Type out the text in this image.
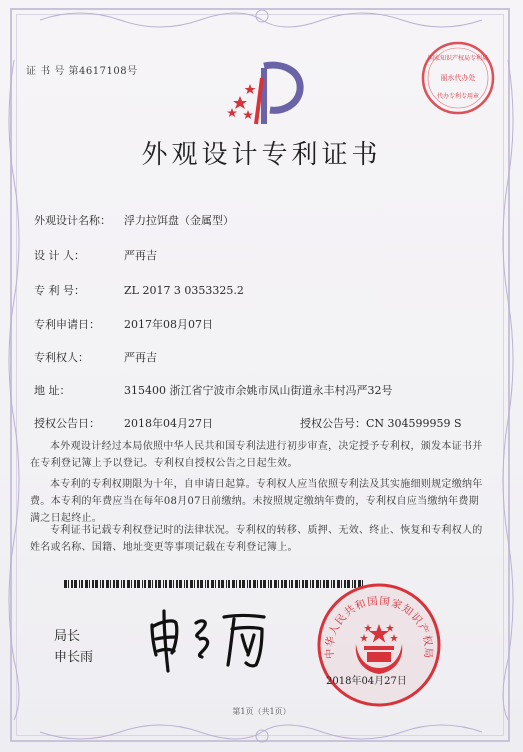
证 书 号 第4617108号
国家知识产权局专利局
丽水代办处
代办专利专用章
外观设计专利证书
外观设计名称： 浮力拉饵盘（金属型）
设 计 人：	严再吉
专 利 号：	ZL 2017 3 0353325.2
专利申请日： 2017年08月07日
专利权人：	严再吉
地 址：	315400 浙江省宁波市余姚市凤山街道永丰村冯严32号
授权公告日： 2018年04月27日	授权公告号：CN 304599959 S
本外观设计经过本局依照中华人民共和国专利法进行初步审查，决定授予专利权，颁发本证书并在专利登记簿上予以登记。专利权自授权公告之日起生效。
本专利的专利权期限为十年，自申请日起算。专利权人应当依照专利法及其实施细则规定缴纳年费。本专利的年费应当在每年08月07日前缴纳。未按照规定缴纳年费的，专利权自应当缴纳年费期满之日起终止。
专利证书记载专利权登记时的法律状况。专利权的转移、质押、无效、终止、恢复和专利权人的姓名或名称、国籍、地址变更等事项记载在专利登记簿上。
局长
申长雨	中华人民共和国国家知识产权局
2018年04月27日
第1页（共1页）
